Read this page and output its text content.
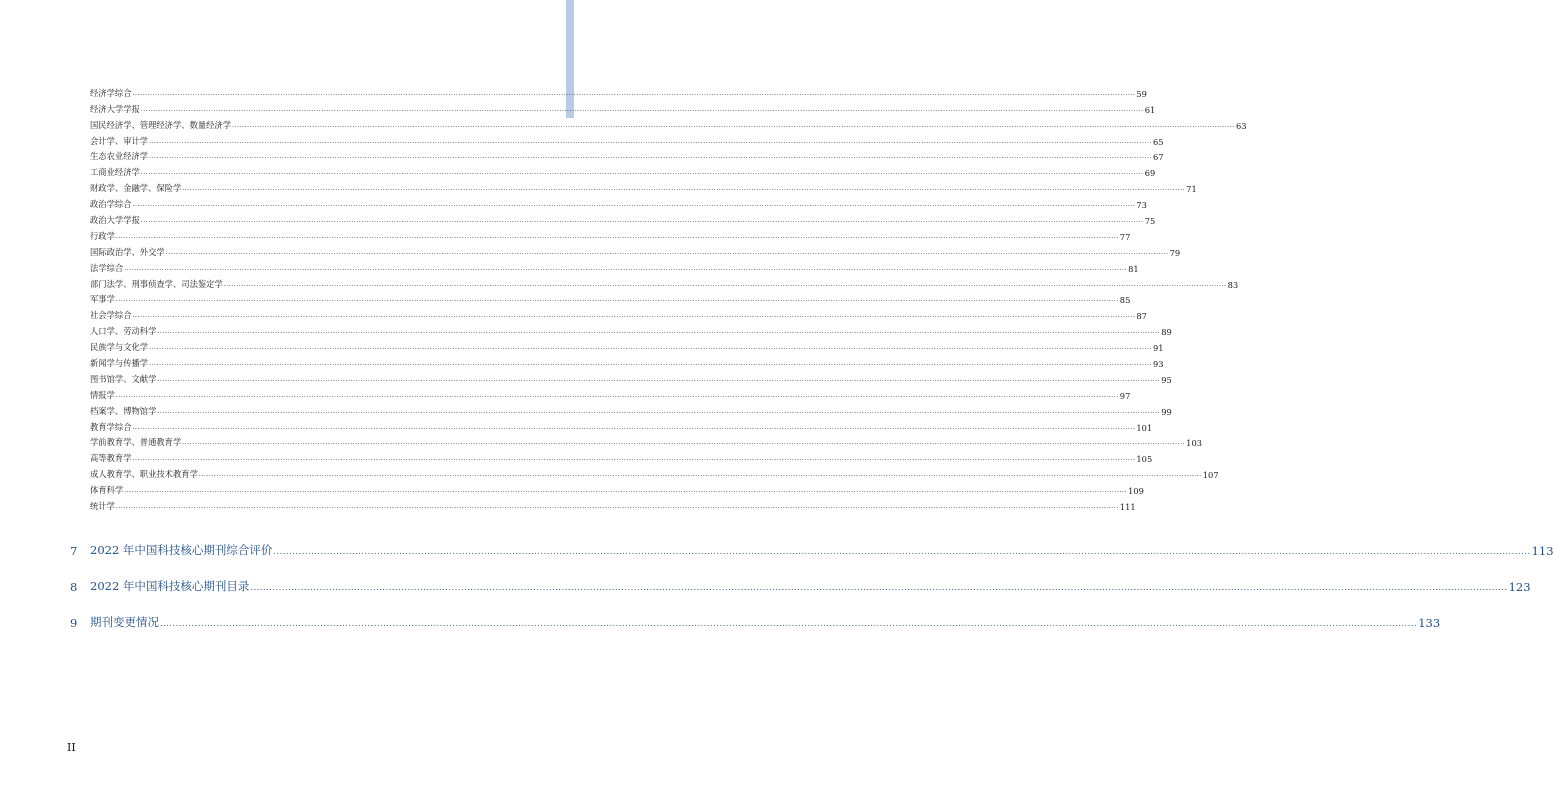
经济学综合 ................................................................................................................................................................................................................................................................................................................................................................................................................ 59
经济大学学报 ................................................................................................................................................................................................................................................................................................................................................................................................................ 61
国民经济学、管理经济学、数量经济学 ................................................................................................................................................................................................................................................................................................................................................................................................................ 63
会计学、审计学 ................................................................................................................................................................................................................................................................................................................................................................................................................ 65
生态农业经济学 ................................................................................................................................................................................................................................................................................................................................................................................................................ 67
工商业经济学 ................................................................................................................................................................................................................................................................................................................................................................................................................ 69
财政学、金融学、保险学 ................................................................................................................................................................................................................................................................................................................................................................................................................ 71
政治学综合 ................................................................................................................................................................................................................................................................................................................................................................................................................ 73
政治大学学报 ................................................................................................................................................................................................................................................................................................................................................................................................................ 75
行政学 ................................................................................................................................................................................................................................................................................................................................................................................................................ 77
国际政治学、外交学 ................................................................................................................................................................................................................................................................................................................................................................................................................ 79
法学综合 ................................................................................................................................................................................................................................................................................................................................................................................................................ 81
部门法学、刑事侦查学、司法鉴定学 ................................................................................................................................................................................................................................................................................................................................................................................................................ 83
军事学 ................................................................................................................................................................................................................................................................................................................................................................................................................ 85
社会学综合 ................................................................................................................................................................................................................................................................................................................................................................................................................ 87
人口学、劳动科学 ................................................................................................................................................................................................................................................................................................................................................................................................................ 89
民族学与文化学 ................................................................................................................................................................................................................................................................................................................................................................................................................ 91
新闻学与传播学 ................................................................................................................................................................................................................................................................................................................................................................................................................ 93
图书馆学、文献学 ................................................................................................................................................................................................................................................................................................................................................................................................................ 95
情报学 ................................................................................................................................................................................................................................................................................................................................................................................................................ 97
档案学、博物馆学 ................................................................................................................................................................................................................................................................................................................................................................................................................ 99
教育学综合 ................................................................................................................................................................................................................................................................................................................................................................................................................ 101
学前教育学、普通教育学 ................................................................................................................................................................................................................................................................................................................................................................................................................ 103
高等教育学 ................................................................................................................................................................................................................................................................................................................................................................................................................ 105
成人教育学、职业技术教育学 ................................................................................................................................................................................................................................................................................................................................................................................................................ 107
体育科学 ................................................................................................................................................................................................................................................................................................................................................................................................................ 109
统计学 ................................................................................................................................................................................................................................................................................................................................................................................................................ 111
7	2022 年中国科技核心期刊综合评价 ................................................................................................................................................................................................................................................................................................................................................................................................................ 113
8	2022 年中国科技核心期刊目录 ................................................................................................................................................................................................................................................................................................................................................................................................................ 123
9	期刊变更情况 ................................................................................................................................................................................................................................................................................................................................................................................................................ 133
II
